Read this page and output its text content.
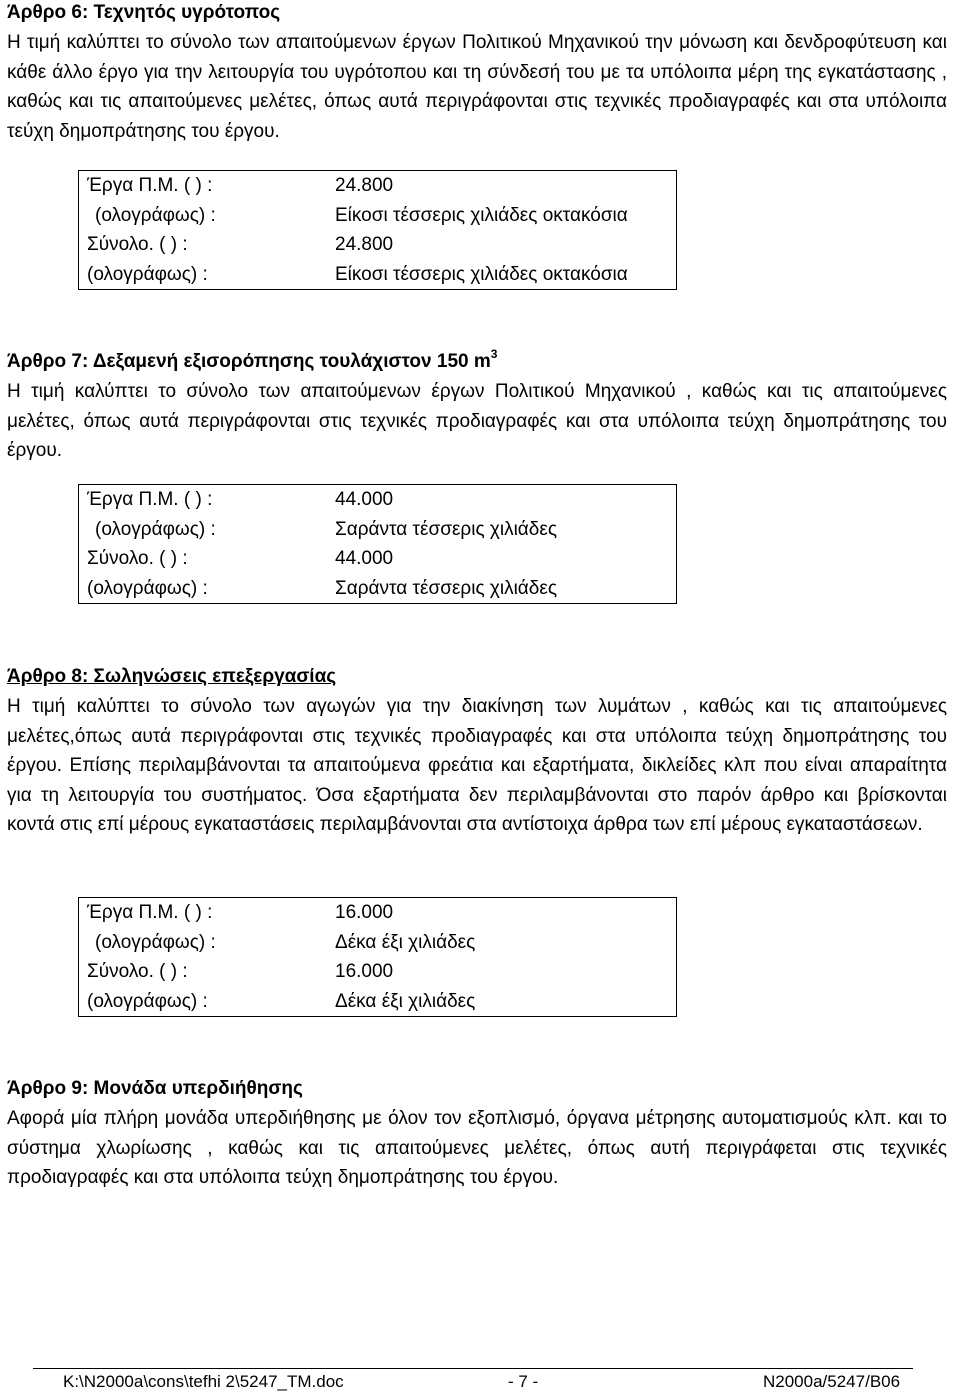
Άρθρο 6: Τεχνητός υγρότοπος

Η τιμή καλύπτει το σύνολο των απαιτούμενων έργων Πολιτικού Μηχανικού την μόνωση και δενδροφύτευση και κάθε άλλο έργο για την λειτουργία του υγρότοπου και τη σύνδεσή του με τα υπόλοιπα μέρη της εγκατάστασης , καθώς και τις απαιτούμενες μελέτες, όπως αυτά περιγράφονται στις τεχνικές προδιαγραφές και στα υπόλοιπα τεύχη δημοπράτησης του έργου.

Έργα Π.Μ. ( ) :	24.800
(ολογράφως) :	Είκοσι τέσσερις χιλιάδες οκτακόσια
Σύνολο. ( ) :	24.800
(ολογράφως) :	Είκοσι τέσσερις χιλιάδες οκτακόσια
Άρθρο 7: Δεξαμενή εξισορόπησης τουλάχιστον 150 $m^3$

Η τιμή καλύπτει το σύνολο των απαιτούμενων έργων Πολιτικού Μηχανικού , καθώς και τις απαιτούμενες μελέτες, όπως αυτά περιγράφονται στις τεχνικές προδιαγραφές και στα υπόλοιπα τεύχη δημοπράτησης του έργου.

Έργα Π.Μ. ( ) :	44.000
(ολογράφως) :	Σαράντα τέσσερις χιλιάδες
Σύνολο. ( ) :	44.000
(ολογράφως) :	Σαράντα τέσσερις χιλιάδες
Άρθρο 8: Σωληνώσεις επεξεργασίας

Η τιμή καλύπτει το σύνολο των αγωγών για την διακίνηση των λυμάτων , καθώς και τις απαιτούμενες μελέτες,όπως αυτά περιγράφονται στις τεχνικές προδιαγραφές και στα υπόλοιπα τεύχη δημοπράτησης του έργου. Επίσης περιλαμβάνονται τα απαιτούμενα φρεάτια και εξαρτήματα, δικλείδες κλπ που είναι απαραίτητα για τη λειτουργία του συστήματος. Όσα εξαρτήματα δεν περιλαμβάνονται στο παρόν άρθρο και βρίσκονται κοντά στις επί μέρους εγκαταστάσεις περιλαμβάνονται στα αντίστοιχα άρθρα των επί μέρους εγκαταστάσεων.

Έργα Π.Μ. ( ) :	16.000
(ολογράφως) :	Δέκα έξι χιλιάδες
Σύνολο. ( ) :	16.000
(ολογράφως) :	Δέκα έξι χιλιάδες
Άρθρο 9: Μονάδα υπερδιήθησης

Αφορά μία πλήρη μονάδα υπερδιήθησης με όλον τον εξοπλισμό, όργανα μέτρησης αυτοματισμούς κλπ. και το σύστημα χλωρίωσης , καθώς και τις απαιτούμενες μελέτες, όπως αυτή περιγράφεται στις τεχνικές προδιαγραφές και στα υπόλοιπα τεύχη δημοπράτησης του έργου.

K:\N2000a\cons\tefhi 2\5247_TM.doc	- 7 -	N2000a/5247/B06
